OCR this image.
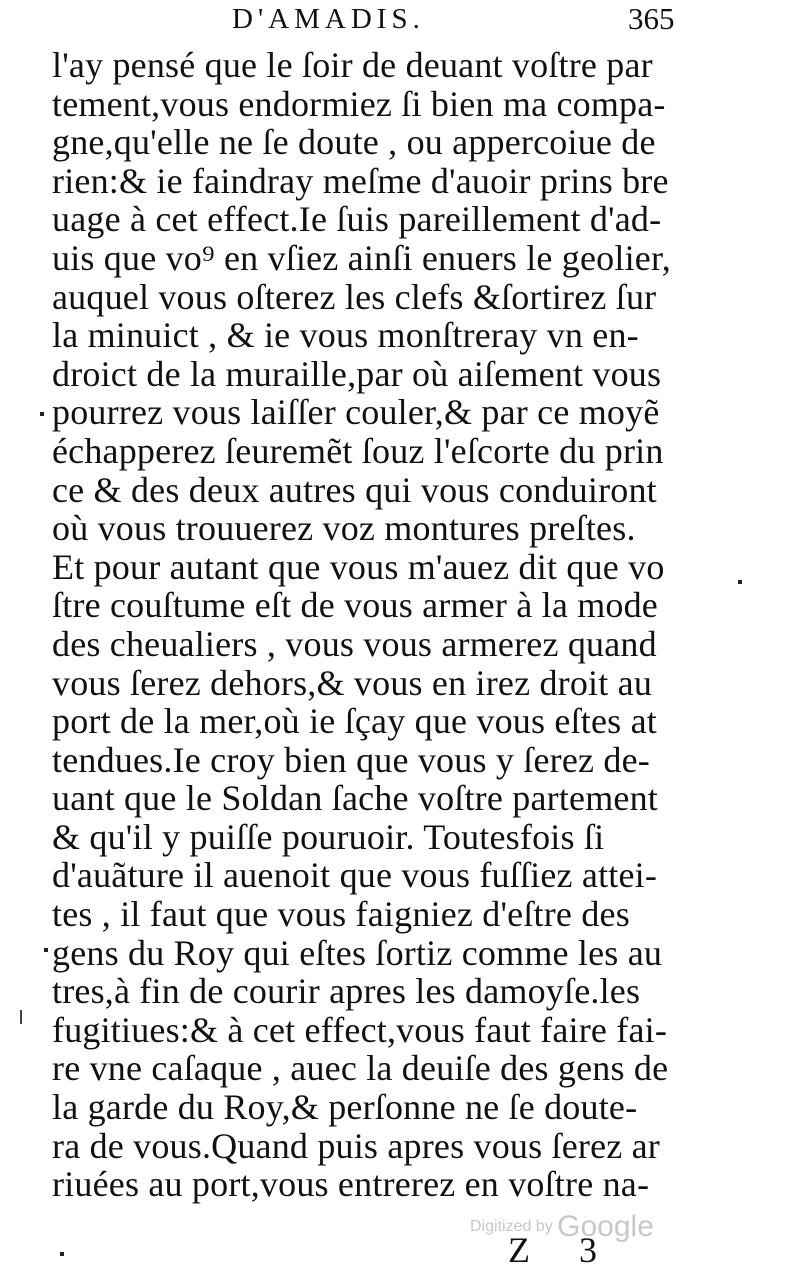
D'AMADIS.	365
l'ay pensé que le ſoir de deuant voſtre par
tement,vous endormiez ſi bien ma compa-
gne,qu'elle ne ſe doute , ou appercoiue de
rien:& ie faindray meſme d'auoir prins bre
uage à cet effect.Ie ſuis pareillement d'ad-
uis que vo⁹ en vſiez ainſi enuers le geolier,
auquel vous oſterez les clefs &ſortirez ſur
la minuict , & ie vous monſtreray vn en-
droict de la muraille,par où aiſement vous
pourrez vous laiſſer couler,& par ce moyẽ
échapperez ſeuremẽt ſouz l'eſcorte du prin
ce & des deux autres qui vous conduiront
où vous trouuerez voz montures preſtes.
Et pour autant que vous m'auez dit que vo
ſtre couſtume eſt de vous armer à la mode
des cheualiers , vous vous armerez quand
vous ſerez dehors,& vous en irez droit au
port de la mer,où ie ſçay que vous eſtes at
tendues.Ie croy bien que vous y ſerez de-
uant que le Soldan ſache voſtre partement
& qu'il y puiſſe pouruoir. Toutesfois ſi
d'auãture il auenoit que vous fuſſiez attei-
tes , il faut que vous faigniez d'eſtre des
gens du Roy qui eſtes ſortiz comme les au
tres,à fin de courir apres les damoyſe.les
fugitiues:& à cet effect,vous faut faire fai-
re vne caſaque , auec la deuiſe des gens de
la garde du Roy,& perſonne ne ſe doute-
ra de vous.Quand puis apres vous ſerez ar
riuées au port,vous entrerez en voſtre na-
Digitized by Google
Z 3
